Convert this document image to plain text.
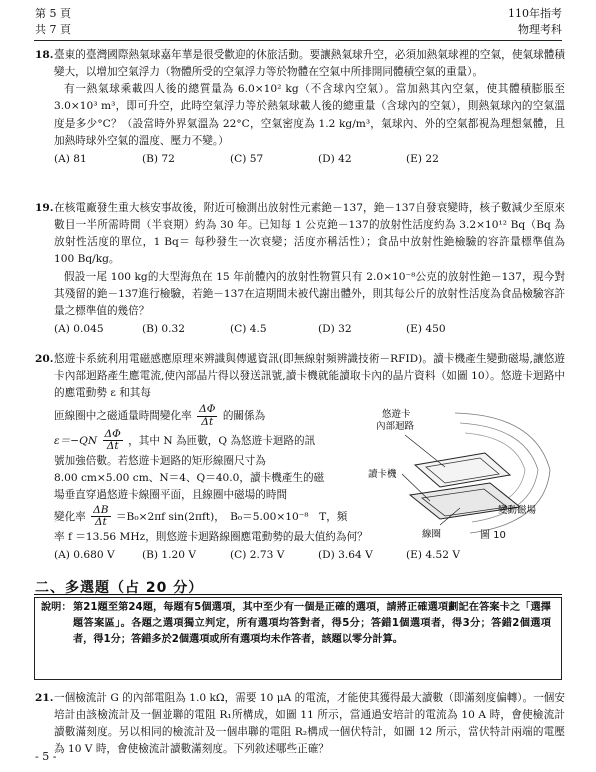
第 5 頁
共 7 頁
110年指考
物理考科

18. 臺東的臺灣國際熱氣球嘉年華是很受歡迎的休旅活動。要讓熱氣球升空，必須加熱氣球裡的空氣，使氣球體積變大，以增加空氣浮力（物體所受的空氣浮力等於物體在空氣中所排開同體積空氣的重量）。

有一熱氣球乘載四人後的總質量為 6.0×10² kg（不含球內空氣）。當加熱其內空氣，使其體積膨脹至 3.0×10³ m³，即可升空，此時空氣浮力等於熱氣球載人後的總重量（含球內的空氣），則熱氣球內的空氣溫度是多少°C？（設當時外界氣溫為 22°C，空氣密度為 1.2 kg/m³，氣球內、外的空氣都視為理想氣體，且加熱時球外空氣的溫度、壓力不變。）

(A) 81	(B) 72	(C) 57	(D) 42	(E) 22

19. 在核電廠發生重大核安事故後，附近可檢測出放射性元素銫－137，銫－137自發衰變時，核子數減少至原來數目一半所需時間（半衰期）約為 30 年。已知每 1 公克銫－137的放射性活度約為 3.2×10¹² Bq（Bq 為放射性活度的單位，1 Bq＝ 每秒發生一次衰變；活度亦稱活性）；食品中放射性銫檢驗的容許量標準值為 100 Bq/kg。

假設一尾 100 kg的大型海魚在 15 年前體內的放射性物質只有 2.0×10⁻⁸公克的放射性銫－137，現今對其殘留的銫－137進行檢驗，若銫－137在這期間未被代謝出體外，則其每公斤的放射性活度為食品檢驗容許量之標準值的幾倍？

(A) 0.045	(B) 0.32	(C) 4.5	(D) 32	(E) 450

20. 悠遊卡系統利用電磁感應原理來辨識與傳遞資訊(即無線射頻辨識技術－RFID)。讀卡機產生變動磁場,讓悠遊卡內部迴路產生應電流,使內部晶片得以發送訊號,讀卡機就能讀取卡內的晶片資料（如圖 10）。悠遊卡迴路中的應電動勢 ε 和其每

匝線圈中之磁通量時間變化率 $\frac{\Delta\Phi}{\Delta t}$ 的關係為
$\varepsilon=-QN \frac{\Delta\Phi}{\Delta t}$ ，其中 N 為匝數，Q 為悠遊卡迴路的訊
號加強倍數。若悠遊卡迴路的矩形線圈尺寸為
8.00 cm×5.00 cm、N＝4、Q＝40.0，讀卡機產生的磁
場垂直穿過悠遊卡線圈平面，且線圈中磁場的時間
變化率 $\frac{\Delta B}{\Delta t} =B_0\times 2\pi f$ sin(2πft)，　B₀＝5.00×10⁻⁸　T，頻
率 f ＝13.56 MHz，則悠遊卡迴路線圈應電動勢的最大值約為何？
(A) 0.680 V	(B) 1.20 V	(C) 2.73 V	(D) 3.64 V	(E) 4.52 V
悠遊卡
內部迴路
讀卡機
線圈
變動磁場
圖 10
二、多選題（占 20 分）
說明：第21題至第24題，每題有5個選項，其中至少有一個是正確的選項，請將正確選項劃記在答案卡之「選擇題答案區」。各題之選項獨立判定，所有選項均答對者，得5分；答錯1個選項者，得3分；答錯2個選項者，得1分；答錯多於2個選項或所有選項均未作答者，該題以零分計算。

21. 一個檢流計 G 的內部電阻為 1.0 kΩ，需要 10 μA 的電流，才能使其獲得最大讀數（即滿刻度偏轉）。一個安培計由該檢流計及一個並聯的電阻 R₁所構成，如圖 11 所示，當通過安培計的電流為 10 A 時，會使檢流計讀數滿刻度。另以相同的檢流計及一個串聯的電阻 R₂構成一個伏特計，如圖 12 所示，當伏特計兩端的電壓為 10 V 時，會使檢流計讀數滿刻度。下列敘述哪些正確？

- 5 -
